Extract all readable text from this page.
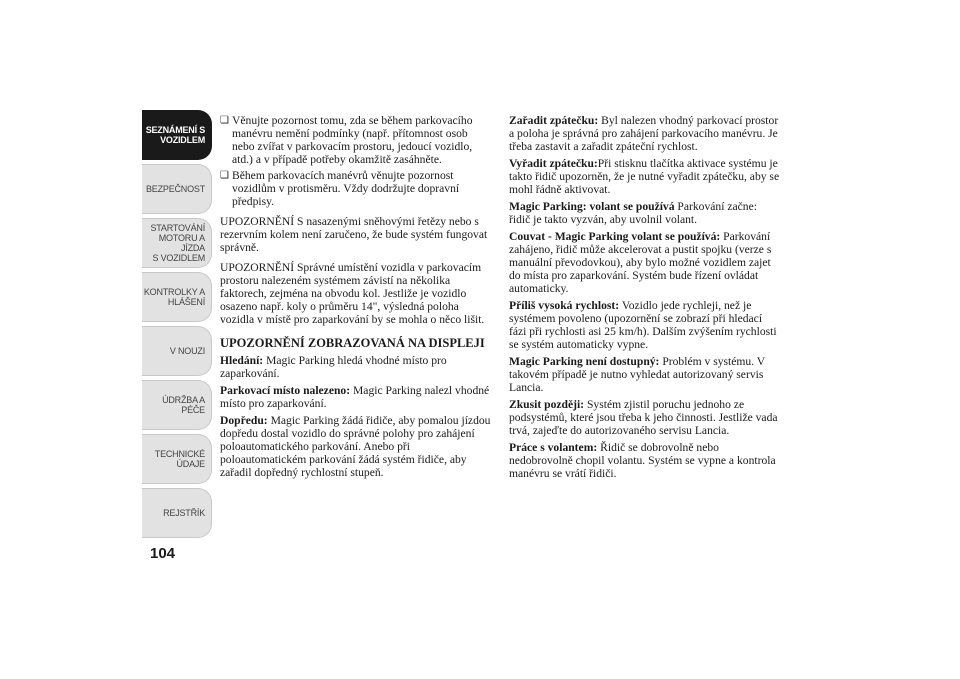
SEZNÁMENÍ S
VOZIDLEM
BEZPEČNOST
STARTOVÁNÍ
MOTORU A JÍZDA
S VOZIDLEM
KONTROLKY A
HLÁŠENÍ
V NOUZI
ÚDRŽBA A PÉČE
TECHNICKÉ
ÚDAJE
REJSTŘÍK
104
❏ Věnujte pozornost tomu, zda se během parkovacího manévru nemění podmínky (např. přítomnost osob nebo zvířat v parkovacím prostoru, jedoucí vozidlo, atd.) a v případě potřeby okamžitě zasáhněte.
❏ Během parkovacích manévrů věnujte pozornost vozidlům v protisměru. Vždy dodržujte dopravní předpisy.

UPOZORNĚNÍ S nasazenými sněhovými řetězy nebo s rezervním kolem není zaručeno, že bude systém fungovat správně.

UPOZORNĚNÍ Správné umístění vozidla v parkovacím prostoru nalezeném systémem závistí na několika faktorech, zejména na obvodu kol. Jestliže je vozidlo osazeno např. koly o průměru 14", výsledná poloha vozidla v místě pro zaparkování by se mohla o něco lišit.

UPOZORNĚNÍ ZOBRAZOVANÁ NA DISPLEJI

Hledání: Magic Parking hledá vhodné místo pro zaparkování.

Parkovací místo nalezeno: Magic Parking nalezl vhodné místo pro zaparkování.

Dopředu: Magic Parking žádá řidiče, aby pomalou jízdou dopředu dostal vozidlo do správné polohy pro zahájení poloautomatického parkování. Anebo při poloautomatickém parkování žádá systém řidiče, aby zařadil dopředný rychlostní stupeň.

Zařadit zpátečku: Byl nalezen vhodný parkovací prostor a poloha je správná pro zahájení parkovacího manévru. Je třeba zastavit a zařadit zpáteční rychlost.

Vyřadit zpátečku:Při stisknu tlačítka aktivace systému je takto řidič upozorněn, že je nutné vyřadit zpátečku, aby se mohl řádně aktivovat.

Magic Parking: volant se používá Parkování začne: řidič je takto vyzván, aby uvolnil volant.

Couvat - Magic Parking volant se používá: Parkování zahájeno, řidič může akcelerovat a pustit spojku (verze s manuální převodovkou), aby bylo možné vozidlem zajet do místa pro zaparkování. Systém bude řízení ovládat automaticky.

Příliš vysoká rychlost: Vozidlo jede rychleji, než je systémem povoleno (upozornění se zobrazí při hledací fázi při rychlosti asi 25 km/h). Dalším zvýšením rychlosti se systém automaticky vypne.

Magic Parking není dostupný: Problém v systému. V takovém případě je nutno vyhledat autorizovaný servis Lancia.

Zkusit později: Systém zjistil poruchu jednoho ze podsystémů, které jsou třeba k jeho činnosti. Jestliže vada trvá, zajeďte do autorizovaného servisu Lancia.

Práce s volantem: Řidič se dobrovolně nebo nedobrovolně chopil volantu. Systém se vypne a kontrola manévru se vrátí řidiči.
